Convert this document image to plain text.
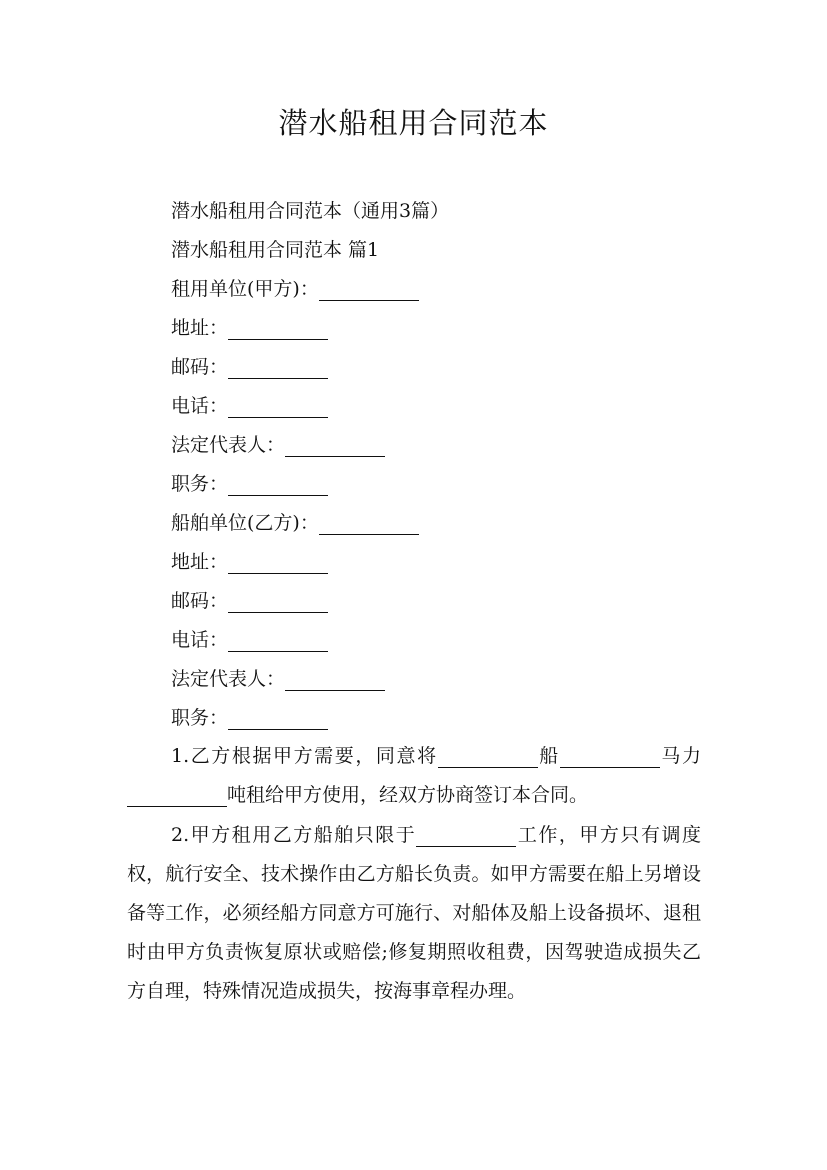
潜水船租用合同范本
潜水船租用合同范本（通用3篇）
潜水船租用合同范本 篇1
租用单位(甲方)：
地址：
邮码：
电话：
法定代表人：
职务：
船舶单位(乙方)：
地址：
邮码：
电话：
法定代表人：
职务：
1.乙方根据甲方需要，同意将	船	马力吨租给甲方使用，经双方协商签订本合同。
2.甲方租用乙方船舶只限于	工作，甲方只有调度权，航行安全、技术操作由乙方船长负责。如甲方需要在船上另增设备等工作，必须经船方同意方可施行、对船体及船上设备损坏、退租时由甲方负责恢复原状或赔偿;修复期照收租费，因驾驶造成损失乙方自理，特殊情况造成损失，按海事章程办理。
